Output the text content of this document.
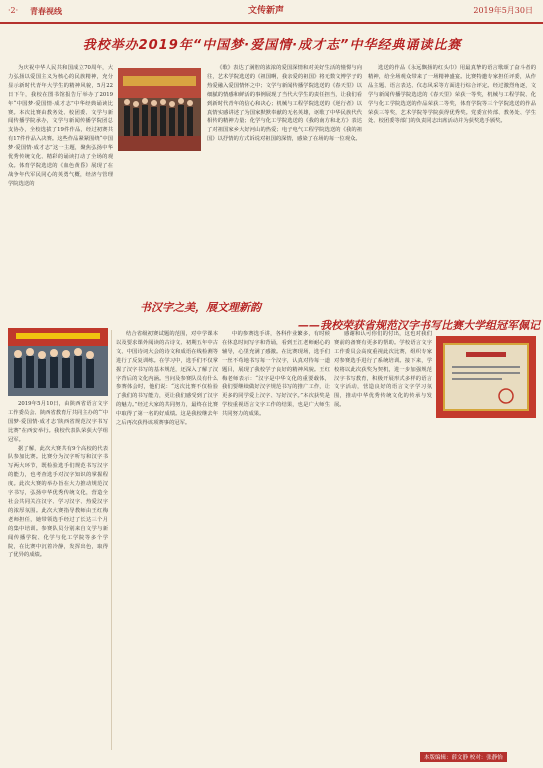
·2· 青春视线	文传新声	2019年5月30日
我校举办2019年“中国梦·爱国情·成才志”中华经典诵读比赛

为庆祝中华人民共和国成立70周年，大力弘扬以爱国主义为核心的民族精神，充分显示新时代青年大学生的精神风貌，5月22日下午，我校在图书馆报告厅举办了2019年“中国梦·爱国情·成才志”中华经典诵读比赛。本次比赛由教务处、校团委、文学与新闻传播学院承办，文学与新闻传播学院团总支协办，全校选拔了19件作品，经过初赛共有17件作品入决赛。这些作品紧紧围绕“中国梦·爱国情·成才志”这一主题，聚焦弘扬中华优秀传统文化、精彩的诵读打动了全场的观众。体育学院选送的《血色黄昏》展现了在战争年代军民同心的英勇气概，经济与管理学院选送的

《歌》表达了满腔的浓浓的爱国深情和对美好生活的憧憬与向往，艺术学院选送的《祖国啊，我亲爱的祖国》将无数文博学子的热爱融入爱国情怀之中；文学与新闻传播学院选送的《春天里》以细腻的情感和鲜活的事例展现了当代大学生的责任担当，让我们看到新时代青年的信心和决心；机械与工程学院选送的《逆行者》以真情实感讲述了为国家默默奉献的无名英雄，讴歌了中华民族代代相传的精神力量；化学与化工学院选送的《我的南方和北方》表达了对祖国家乡大好河山的热爱；电子电气工程学院选送的《我的祖国》以抒情的方式诉说对祖国的深情，感染了在场的每一位观众。

选送的作品《永远飘扬的红头巾》用最真挚的语言歌颂了奋斗者的精神，给全场观众带来了一场精神盛宴。比赛特邀专家担任评委，从作品主题、语言表达、仪态风采等方面进行综合评定。经过激烈角逐，文学与新闻传播学院选送的《春天里》荣获一等奖，机械与工程学院、化学与化工学院选送的作品荣获二等奖，体育学院等三个学院选送的作品荣获三等奖，艺术学院等学院获得优秀奖。党委宣传部、教务处、学生处、校团委等部门的负责同志出席活动并为获奖选手颁奖。

书汉字之美，展文理新韵
——我校荣获省规范汉字书写比赛大学组冠军佩记

2019年5月10日，由陕西省语言文字工作委员会、陕西省教育厅共同主办的“‘中国梦·爱国情·成才志’陕西省规范汉字书写比赛”在西安举行。我校代表队荣获大学组冠军。

据了解，此次大赛共有9个高校的代表队参加比赛。比赛分为汉字听写和汉字书写两大环节，既检验选手们规范书写汉字的能力，也考查选手对汉字知识的掌握程度。此次大赛的举办旨在大力推动规范汉字书写，弘扬中华优秀传统文化，营造全社会共同关注汉字、学习汉字、热爱汉字的浓厚氛围。此次大赛指导教师由王红梅老师担任，她带领选手经过了长达三个月的集中培训。参赛队员分别来自文学与新闻传播学院、化学与化工学院等多个学院，在比赛中沉着冷静，发挥出色，取得了优异的成绩。

结合省级初赛试题的范围，对中学课本以及要求课外阅读的古诗文、初期五年中古文、中国诗词大会的诗文和成语在线检测等进行了反复训练。在学习中，选手们不仅掌握了汉字书写的基本规范，还深入了解了汉字背后的文化内涵。当问及参赛队员有什么参赛体会时，他们说：“这次比赛不仅检验了我们的书写能力，更让我们感受到了汉字的魅力。”经过大家的共同努力，最终在比赛中取得了第一名的好成绩。这是我校继去年之后再次获得该项赛事的冠军。

中的参赛选手讲，各科作业繁多，有时候在休息时间写字和背诵，看到王江老师耐心的辅导，心里充满了感激。在比赛现场，选手们一丝不苟地书写每一个汉字，认真对待每一道题目，展现了我校学子良好的精神风貌。王红梅老师表示：“汉字是中华文化的重要载体，我们要继续做好汉字规范书写的推广工作，让更多的同学爱上汉字、写好汉字。”本次获奖是学校重视语言文字工作的结果，也是广大师生共同努力的成果。

感谢和认可你们的付出，这也对我们赛前的备赛有更多的帮助。学校语言文字工作委员会高度重视此次比赛，组织专家对参赛选手进行了系统培训。接下来，学校将以此次获奖为契机，进一步加强规范汉字书写教育，积极开展形式多样的语言文字活动，营造良好的语言文字学习氛围，推动中华优秀传统文化的传承与发展。

本版编辑：薛文静 校对：张静怡
